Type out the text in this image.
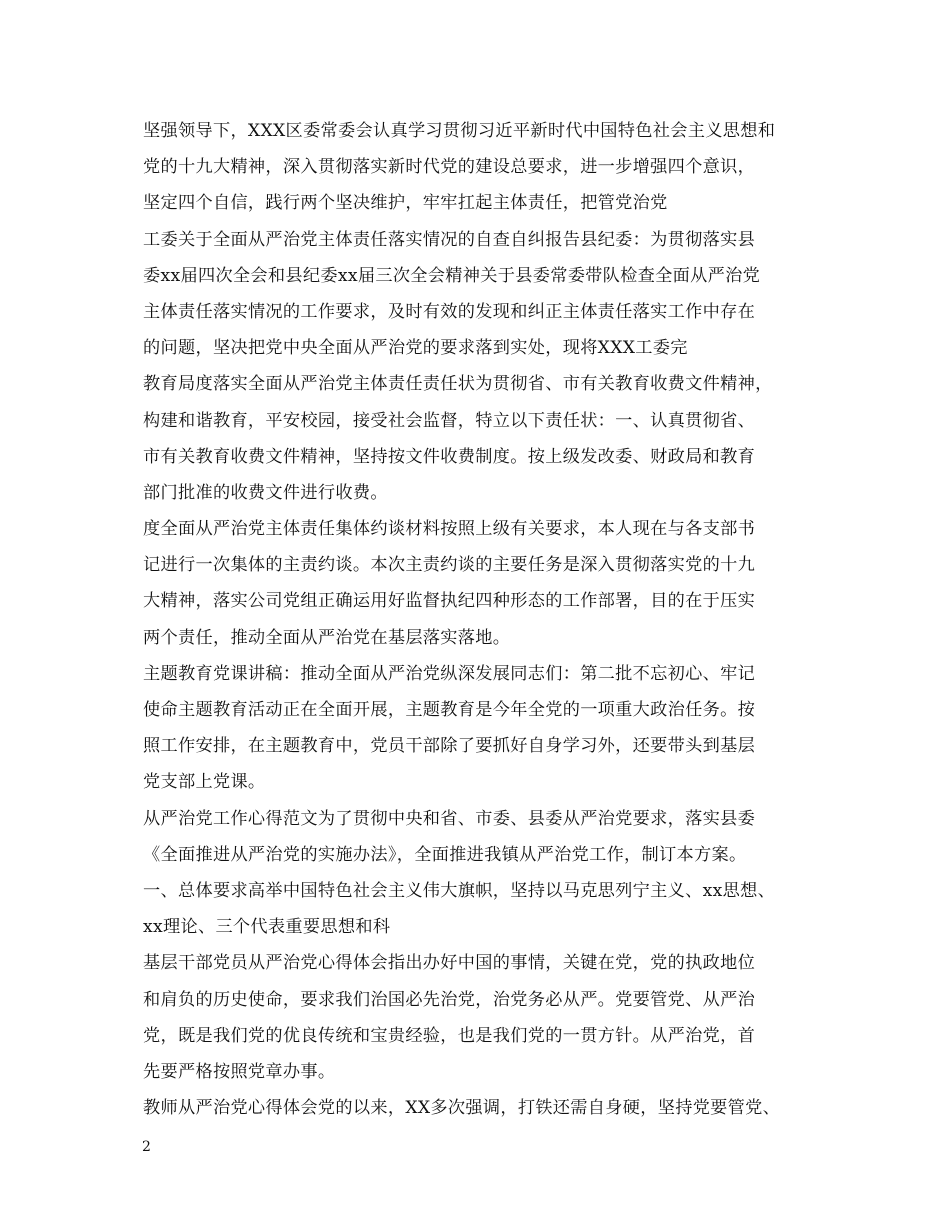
坚强领导下，XXX区委常委会认真学习贯彻习近平新时代中国特色社会主义思想和
党的十九大精神，深入贯彻落实新时代党的建设总要求，进一步增强四个意识，
坚定四个自信，践行两个坚决维护，牢牢扛起主体责任，把管党治党
工委关于全面从严治党主体责任落实情况的自查自纠报告县纪委：为贯彻落实县
委xx届四次全会和县纪委xx届三次全会精神关于县委常委带队检查全面从严治党
主体责任落实情况的工作要求，及时有效的发现和纠正主体责任落实工作中存在
的问题，坚决把党中央全面从严治党的要求落到实处，现将XXX工委完
教育局度落实全面从严治党主体责任责任状为贯彻省、市有关教育收费文件精神，
构建和谐教育，平安校园，接受社会监督，特立以下责任状：一、认真贯彻省、
市有关教育收费文件精神，坚持按文件收费制度。按上级发改委、财政局和教育
部门批准的收费文件进行收费。
度全面从严治党主体责任集体约谈材料按照上级有关要求，本人现在与各支部书
记进行一次集体的主责约谈。本次主责约谈的主要任务是深入贯彻落实党的十九
大精神，落实公司党组正确运用好监督执纪四种形态的工作部署，目的在于压实
两个责任，推动全面从严治党在基层落实落地。
主题教育党课讲稿：推动全面从严治党纵深发展同志们：第二批不忘初心、牢记
使命主题教育活动正在全面开展，主题教育是今年全党的一项重大政治任务。按
照工作安排，在主题教育中，党员干部除了要抓好自身学习外，还要带头到基层
党支部上党课。
从严治党工作心得范文为了贯彻中央和省、市委、县委从严治党要求，落实县委
《全面推进从严治党的实施办法》，全面推进我镇从严治党工作，制订本方案。
一、总体要求高举中国特色社会主义伟大旗帜，坚持以马克思列宁主义、xx思想、
xx理论、三个代表重要思想和科
基层干部党员从严治党心得体会指出办好中国的事情，关键在党，党的执政地位
和肩负的历史使命，要求我们治国必先治党，治党务必从严。党要管党、从严治
党，既是我们党的优良传统和宝贵经验，也是我们党的一贯方针。从严治党，首
先要严格按照党章办事。
教师从严治党心得体会党的以来，XX多次强调，打铁还需自身硬，坚持党要管党、
2
